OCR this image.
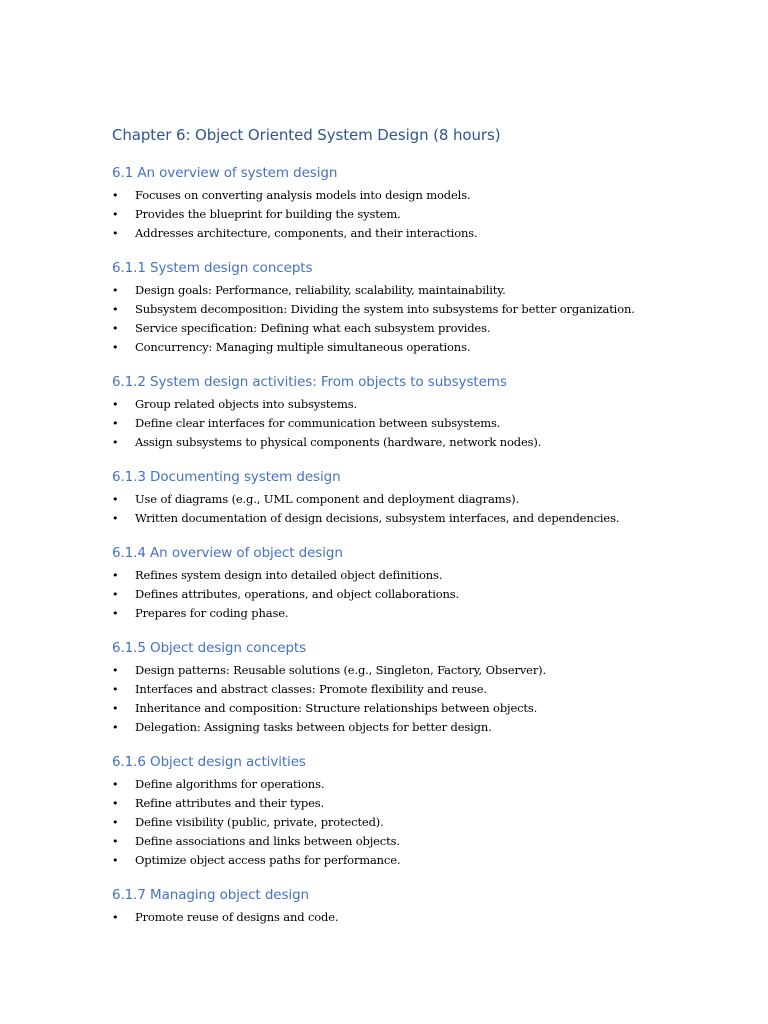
Chapter 6: Object Oriented System Design (8 hours)
6.1 An overview of system design
• Focuses on converting analysis models into design models.
• Provides the blueprint for building the system.
• Addresses architecture, components, and their interactions.
6.1.1 System design concepts
• Design goals: Performance, reliability, scalability, maintainability.
• Subsystem decomposition: Dividing the system into subsystems for better organization.
• Service specification: Defining what each subsystem provides.
• Concurrency: Managing multiple simultaneous operations.
6.1.2 System design activities: From objects to subsystems
• Group related objects into subsystems.
• Define clear interfaces for communication between subsystems.
• Assign subsystems to physical components (hardware, network nodes).
6.1.3 Documenting system design
• Use of diagrams (e.g., UML component and deployment diagrams).
• Written documentation of design decisions, subsystem interfaces, and dependencies.
6.1.4 An overview of object design
• Refines system design into detailed object definitions.
• Defines attributes, operations, and object collaborations.
• Prepares for coding phase.
6.1.5 Object design concepts
• Design patterns: Reusable solutions (e.g., Singleton, Factory, Observer).
• Interfaces and abstract classes: Promote flexibility and reuse.
• Inheritance and composition: Structure relationships between objects.
• Delegation: Assigning tasks between objects for better design.
6.1.6 Object design activities
• Define algorithms for operations.
• Refine attributes and their types.
• Define visibility (public, private, protected).
• Define associations and links between objects.
• Optimize object access paths for performance.
6.1.7 Managing object design
• Promote reuse of designs and code.
